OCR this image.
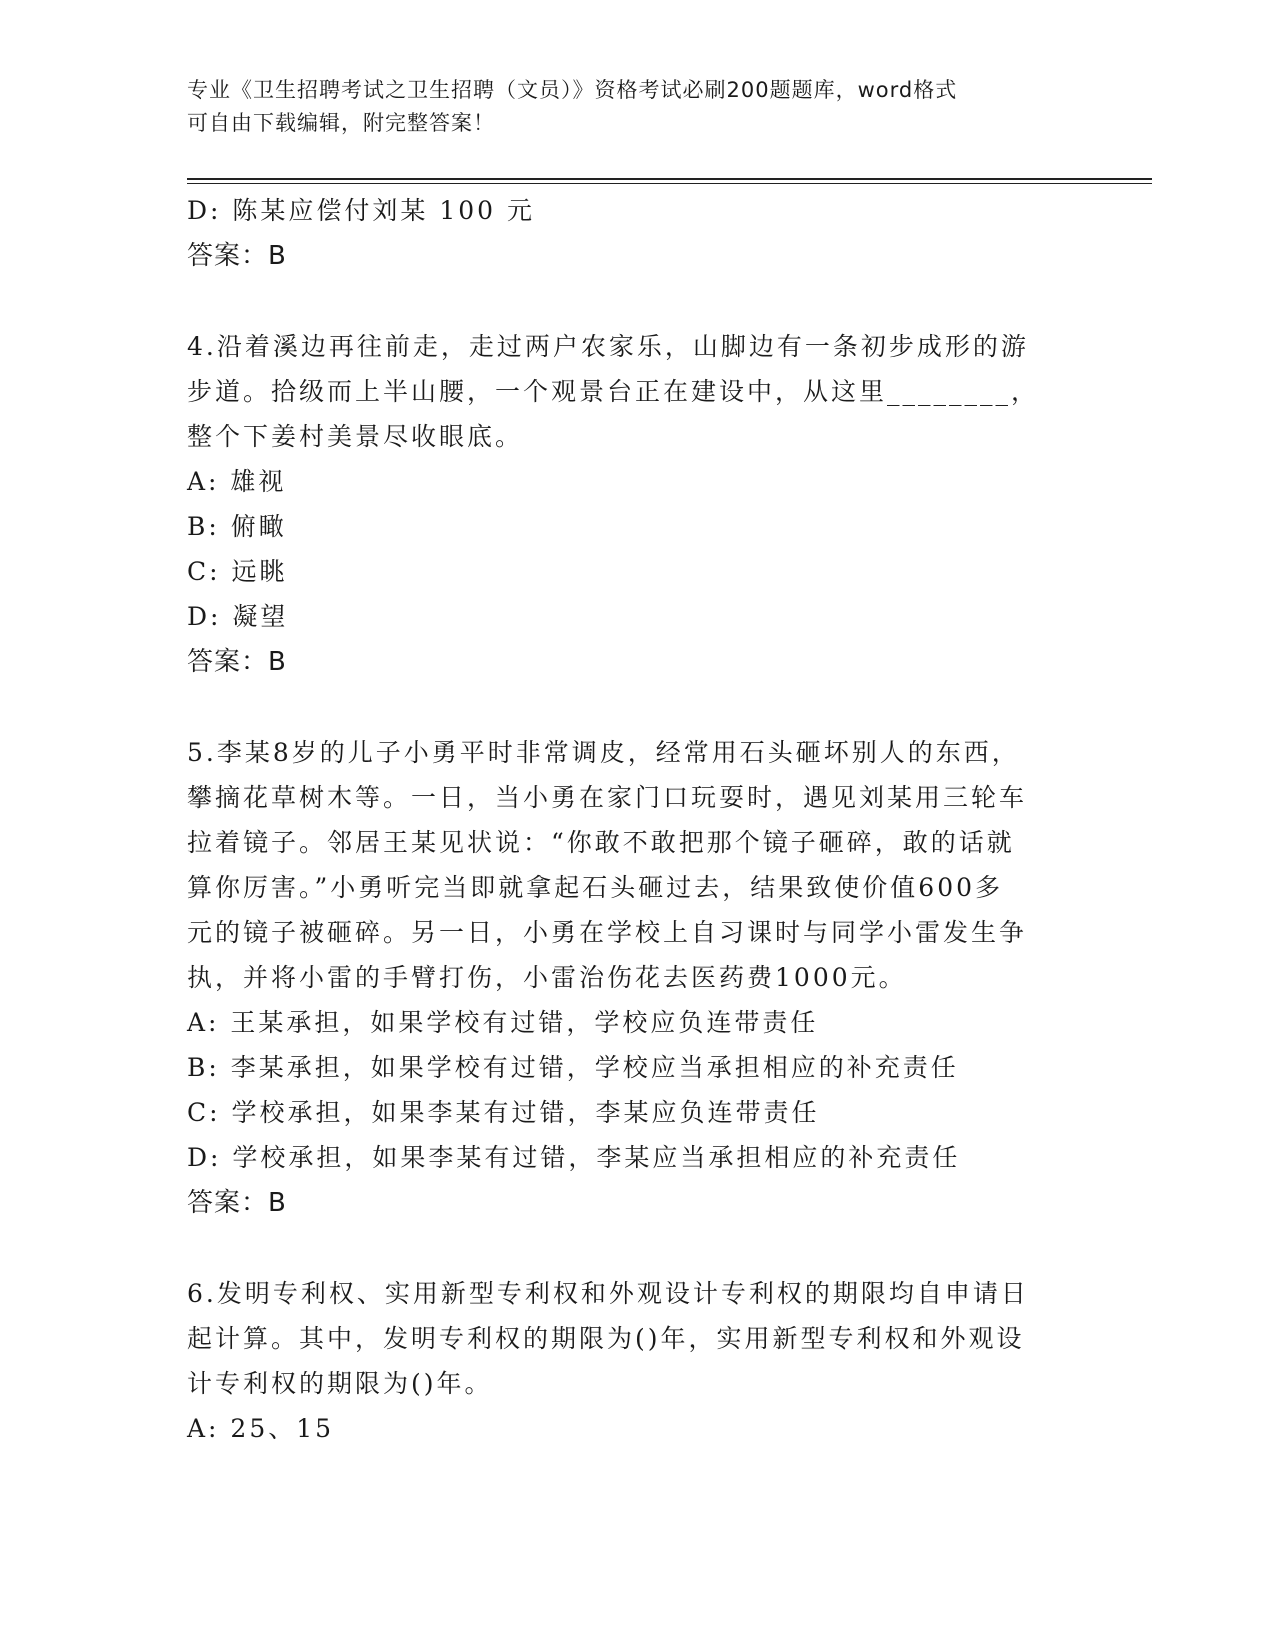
专业《卫生招聘考试之卫生招聘（文员）》资格考试必刷200题题库，word格式
可自由下载编辑，附完整答案！

D: 陈某应偿付刘某 100 元

答案：B

4.沿着溪边再往前走，走过两户农家乐，山脚边有一条初步成形的游

步道。拾级而上半山腰，一个观景台正在建设中，从这里________，

整个下姜村美景尽收眼底。

A: 雄视

B: 俯瞰

C: 远眺

D: 凝望

答案：B

5.李某8岁的儿子小勇平时非常调皮，经常用石头砸坏别人的东西，

攀摘花草树木等。一日，当小勇在家门口玩耍时，遇见刘某用三轮车

拉着镜子。邻居王某见状说：“你敢不敢把那个镜子砸碎，敢的话就

算你厉害。”小勇听完当即就拿起石头砸过去，结果致使价值600多

元的镜子被砸碎。另一日，小勇在学校上自习课时与同学小雷发生争

执，并将小雷的手臂打伤，小雷治伤花去医药费1000元。

A: 王某承担，如果学校有过错，学校应负连带责任

B: 李某承担，如果学校有过错，学校应当承担相应的补充责任

C: 学校承担，如果李某有过错，李某应负连带责任

D: 学校承担，如果李某有过错，李某应当承担相应的补充责任

答案：B

6.发明专利权、实用新型专利权和外观设计专利权的期限均自申请日

起计算。其中，发明专利权的期限为()年，实用新型专利权和外观设

计专利权的期限为()年。

A: 25、15
